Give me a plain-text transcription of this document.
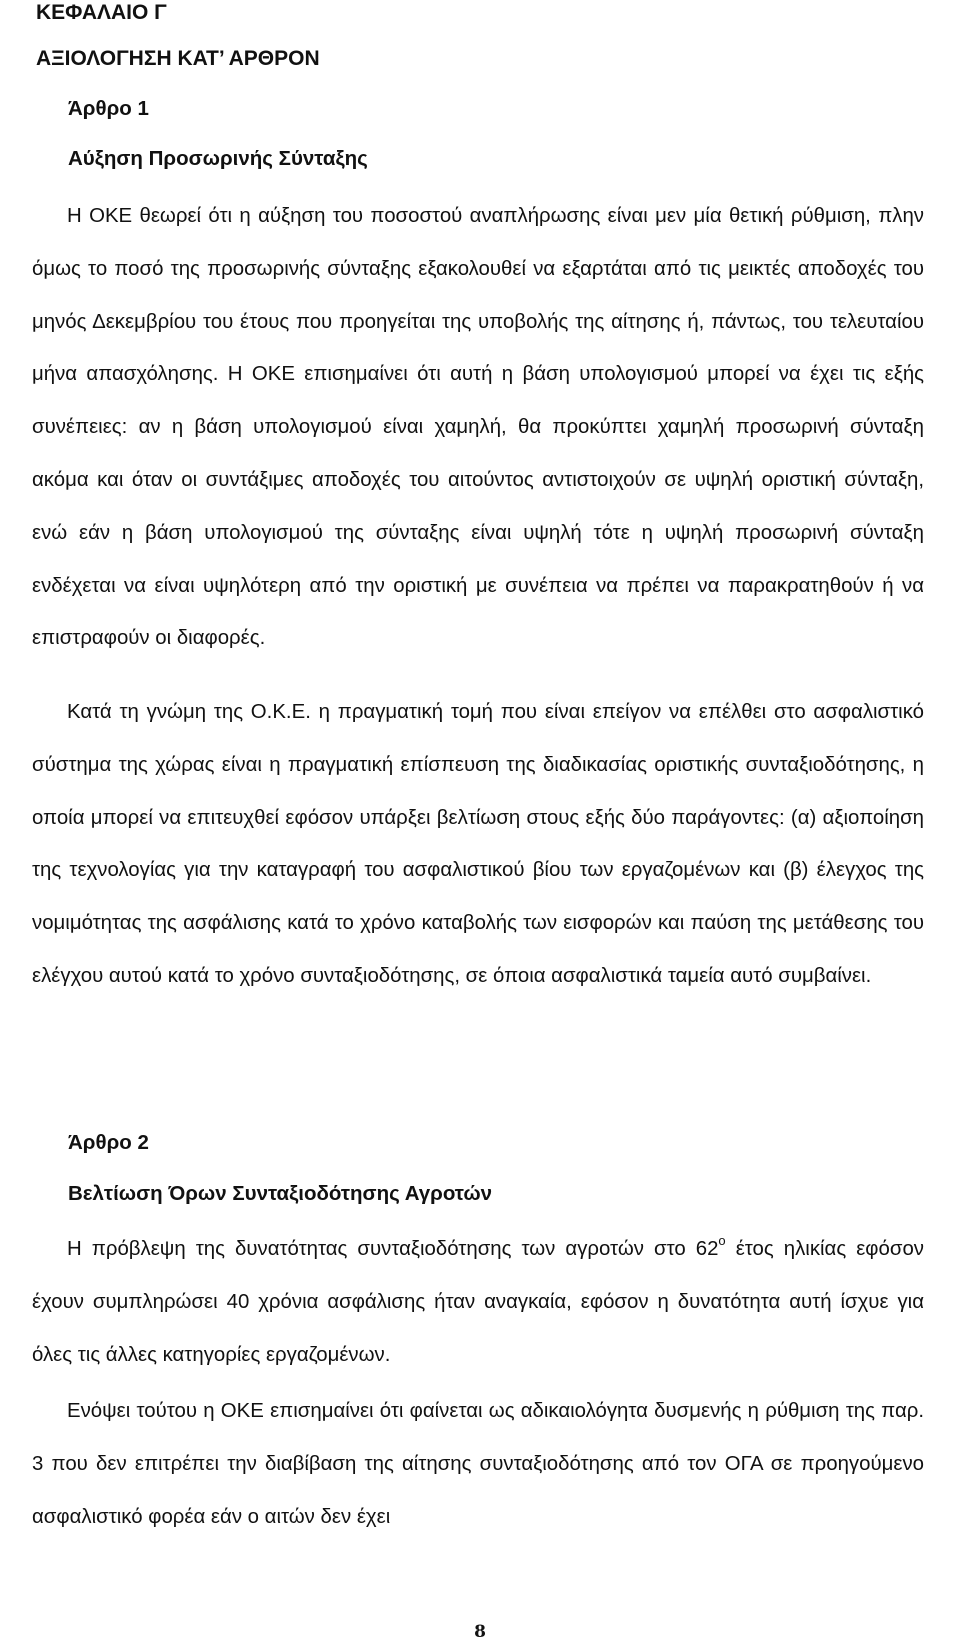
ΚΕΦΑΛΑΙΟ Γ
ΑΞΙΟΛΟΓΗΣΗ ΚΑΤ’ ΑΡΘΡΟΝ
Άρθρο 1
Αύξηση Προσωρινής Σύνταξης

Η ΟΚΕ θεωρεί ότι η αύξηση του ποσοστού αναπλήρωσης είναι μεν μία θετική ρύθμιση, πλην όμως το ποσό της προσωρινής σύνταξης εξακολουθεί να εξαρτάται από τις μεικτές αποδοχές του μηνός Δεκεμβρίου του έτους που προηγείται της υποβολής της αίτησης ή, πάντως, του τελευταίου μήνα απασχόλησης. Η ΟΚΕ επισημαίνει ότι αυτή η βάση υπολογισμού μπορεί να έχει τις εξής συνέπειες: αν η βάση υπολογισμού είναι χαμηλή, θα προκύπτει χαμηλή προσωρινή σύνταξη ακόμα και όταν οι συντάξιμες αποδοχές του αιτούντος αντιστοιχούν σε υψηλή οριστική σύνταξη, ενώ εάν η βάση υπολογισμού της σύνταξης είναι υψηλή τότε η υψηλή προσωρινή σύνταξη ενδέχεται να είναι υψηλότερη από την οριστική με συνέπεια να πρέπει να παρακρατηθούν ή να επιστραφούν οι διαφορές.

Κατά τη γνώμη της Ο.Κ.Ε. η πραγματική τομή που είναι επείγον να επέλθει στο ασφαλιστικό σύστημα της χώρας είναι η πραγματική επίσπευση της διαδικασίας οριστικής συνταξιοδότησης, η οποία μπορεί να επιτευχθεί εφόσον υπάρξει βελτίωση στους εξής δύο παράγοντες: (α) αξιοποίηση της τεχνολογίας για την καταγραφή του ασφαλιστικού βίου των εργαζομένων και (β) έλεγχος της νομιμότητας της ασφάλισης κατά το χρόνο καταβολής των εισφορών και παύση της μετάθεσης του ελέγχου αυτού κατά το χρόνο συνταξιοδότησης, σε όποια ασφαλιστικά ταμεία αυτό συμβαίνει.

Άρθρο 2
Βελτίωση Όρων Συνταξιοδότησης Αγροτών

Η πρόβλεψη της δυνατότητας συνταξιοδότησης των αγροτών στο $62^o$ έτος ηλικίας εφόσον έχουν συμπληρώσει 40 χρόνια ασφάλισης ήταν αναγκαία, εφόσον η δυνατότητα αυτή ίσχυε για όλες τις άλλες κατηγορίες εργαζομένων.

Ενόψει τούτου η ΟΚΕ επισημαίνει ότι φαίνεται ως αδικαιολόγητα δυσμενής η ρύθμιση της παρ. 3 που δεν επιτρέπει την διαβίβαση της αίτησης συνταξιοδότησης από τον ΟΓΑ σε προηγούμενο ασφαλιστικό φορέα εάν ο αιτών δεν έχει

8
